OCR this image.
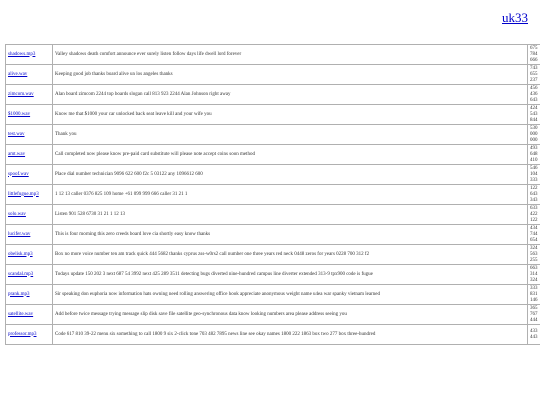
uk33
shadows.mp3	Valley shadows death comfort announce ever surely listen follow days life dwell lord forever	675
784
666

alive.wav	Keeping good job thanks board alive un los angeles thanks	743
655
237

zimcom.wav	Alan board zimcom 2244 top boards slogan call 813 923 2244 Alan Johnson right away	456
436
643

$1000.wav	Know me that $1000 your car unlocked back seat leave kill and your wife you	424
543
844

test.wav	Thank you	530
000
000

amt.wav	Call completed now please know pre-paid card substitute will please note accept coins soon method	493
648
410

spoof.wav	Place dial number technician 9096 622 600 f2c 5 03122 any 1096612 600	546
104
333

littlefugue.mp3	1 12 13 caller 0376 825 109 home +61 099 999 666 caller 31 21 1	122
643
343

solo.wav	Listen 901 528 6730 31 21 1 12 13	633
422
122

lucifer.wav	This is four morning this zero creeds board love cia shortly easy know thanks	434
744
654

obelisk.mp3	Box no more voice number ten am track quick 444 5682 thanks cyprus zss-w0rs2 call number one three years red neck 0448 zeros for years 0228 700 312 f2	324
563
255

scandal.mp3	Todays update 150 202 3 next 687 54 3992 next 425 289 3511 detecting bugs diverted nine-hundred campus line diverter extended 313-9 tpx900 code is fugue	663
314
324

prank.mp3	Sir speaking don euphoria now information hats owning need rolling answering office hook appreciate anonymous weight name u4ea war spanky vietnam learned	333
831
146

satellite.wav	Add before twice message trying message slip disk save file satellite geo-synchronous data know looking numbers area please address seeing you	365
767
444

professor.mp3	Code 617 810 39-22 menu six something to call 1800 9 six 2-click tone 703 482 7895 news line see okay names 1800 222 1863 box two 277 box three-hundred	433
443
